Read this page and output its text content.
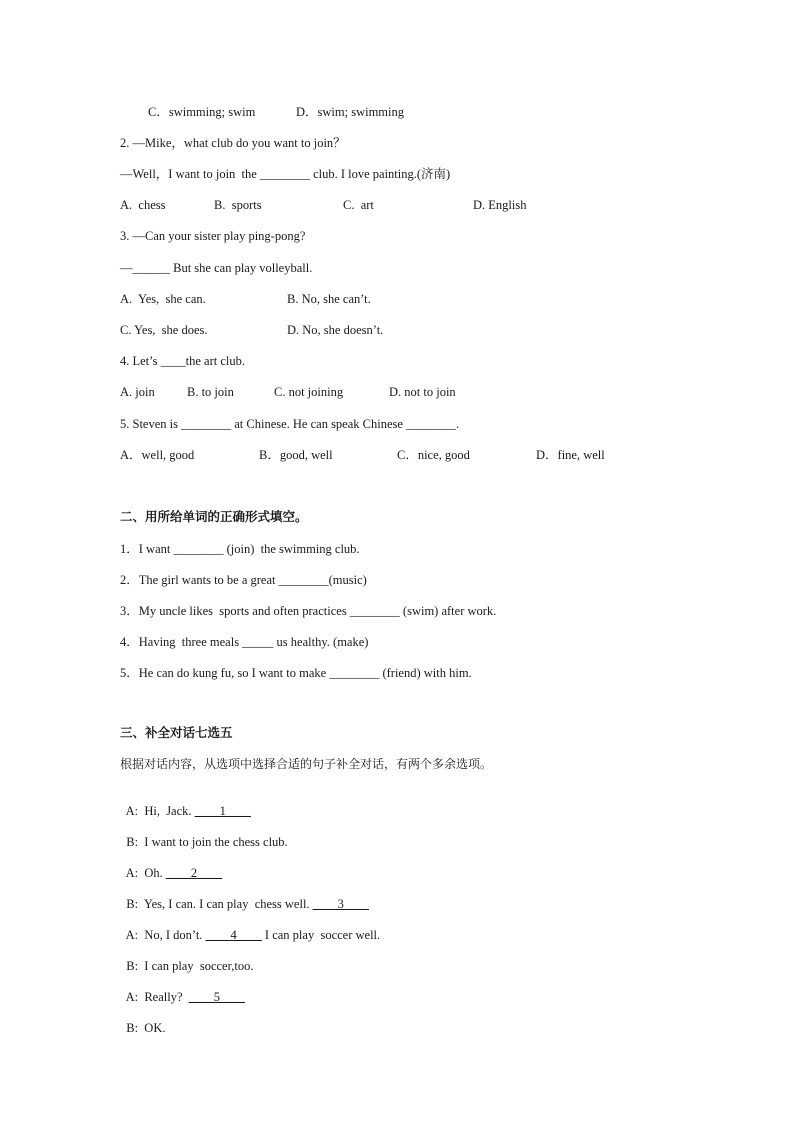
C．swimming; swim	D．swim; swimming
2. —Mike，what club do you want to join？
—Well，I want to join  the ________ club. I love painting.(济南)
A.  chess	B.  sports	C.  art	D. English
3. —Can your sister play ping-pong?
—______ But she can play volleyball.
A.  Yes,  she can.	B. No, she can’t.
C. Yes,  she does.	D. No, she doesn’t.
4. Let’s ____the art club.
A. join	B. to join	C. not joining	D. not to join
5. Steven is ________ at Chinese. He can speak Chinese ________.
A．well, good	B．good, well	C．nice, good	D．fine, well
二、用所给单词的正确形式填空。
1．I want ________ (join)  the swimming club.
2．The girl wants to be a great ________(music)
3．My uncle likes  sports and often practices ________ (swim) after work.
4．Having  three meals _____ us healthy. (make)
5．He can do kung fu, so I want to make ________ (friend) with him.
三、补全对话七选五
根据对话内容，从选项中选择合适的句子补全对话，有两个多余选项。

A:  Hi,  Jack. ____1____

B:  I want to join the chess club.

A:  Oh. ____2____

B:  Yes, I can. I can play  chess well. ____3____

A:  No, I don’t. ____4____ I can play  soccer well.

B:  I can play  soccer,too.

A:  Really?  ____5____

B:  OK.
